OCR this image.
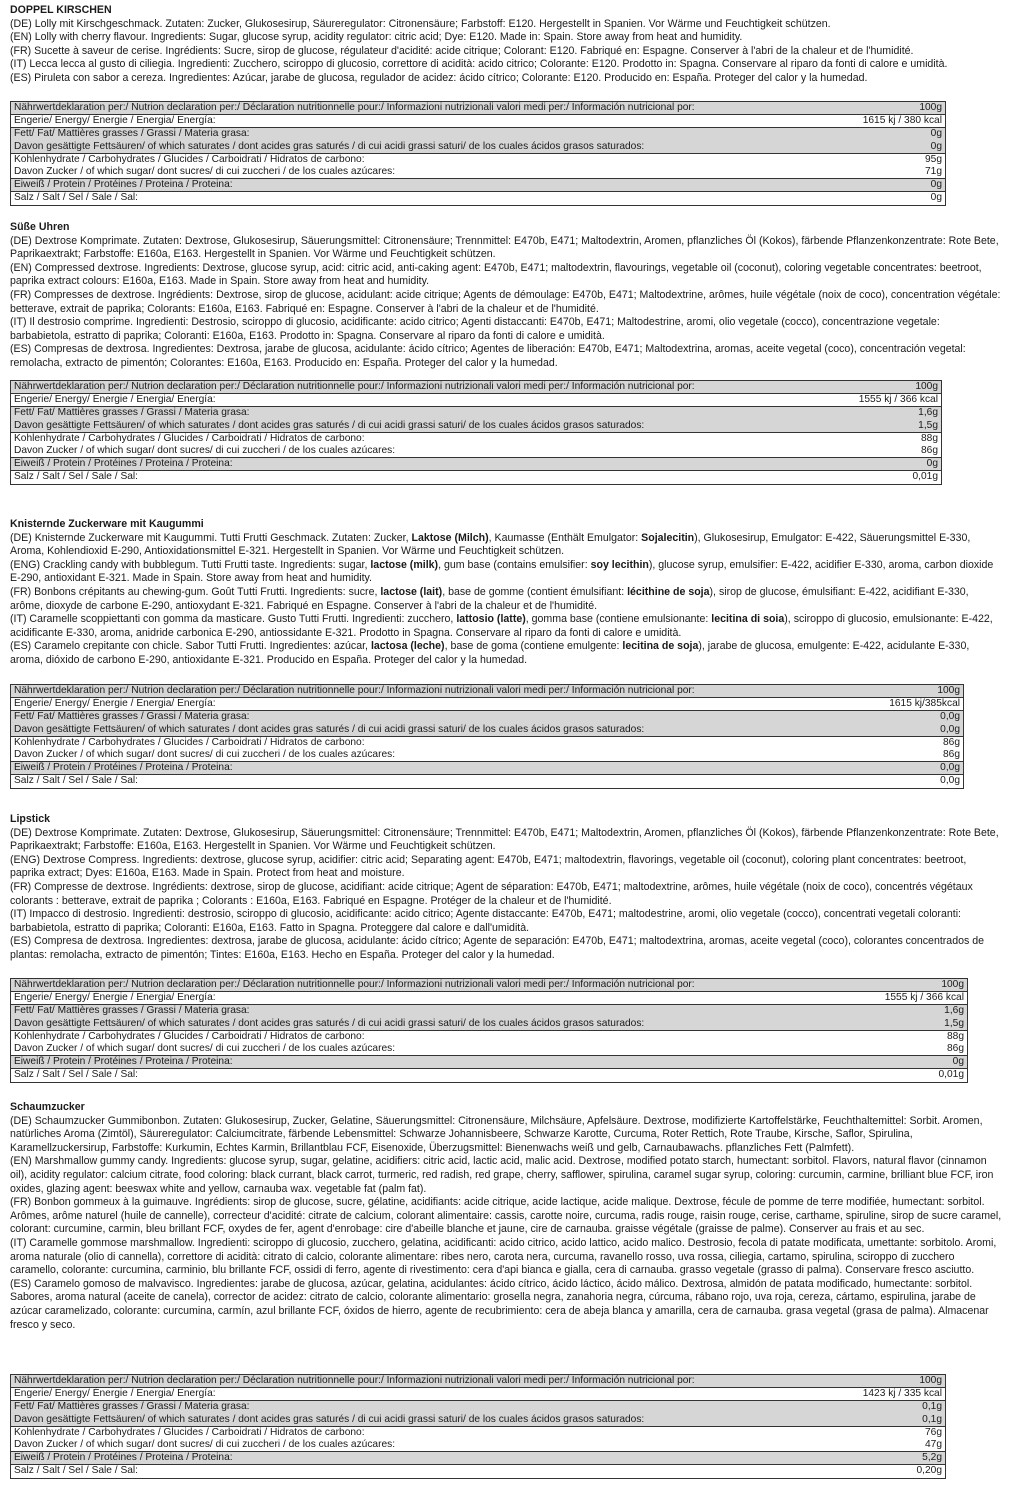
DOPPEL KIRSCHEN

(DE) Lolly mit Kirschgeschmack. Zutaten: Zucker, Glukosesirup, Säureregulator: Citronensäure; Farbstoff: E120. Hergestellt in Spanien. Vor Wärme und Feuchtigkeit schützen.

(EN) Lolly with cherry flavour. Ingredients: Sugar, glucose syrup, acidity regulator: citric acid; Dye: E120. Made in: Spain. Store away from heat and humidity.

(FR) Sucette à saveur de cerise. Ingrédients: Sucre, sirop de glucose, régulateur d'acidité: acide citrique; Colorant: E120. Fabriqué en: Espagne. Conserver à l'abri de la chaleur et de l'humidité.

(IT) Lecca lecca al gusto di ciliegia. Ingredienti: Zucchero, sciroppo di glucosio, correttore di acidità: acido citrico; Colorante: E120. Prodotto in: Spagna. Conservare al riparo da fonti di calore e umidità.

(ES) Piruleta con sabor a cereza. Ingredientes: Azúcar, jarabe de glucosa, regulador de acidez: ácido cítrico; Colorante: E120. Producido en: España. Proteger del calor y la humedad.

Nährwertdeklaration per:/ Nutrion declaration per:/ Déclaration nutritionnelle pour:/ Informazioni nutrizionali valori medi per:/ Información nutricional por:	100g
Engerie/ Energy/ Énergie / Energia/ Energía:	1615 kj / 380 kcal
Fett/ Fat/ Mattières grasses / Grassi / Materia grasa:	0g
Davon gesättigte Fettsäuren/ of which saturates / dont acides gras saturés / di cui acidi grassi saturi/ de los cuales ácidos grasos saturados:	0g
Kohlenhydrate / Carbohydrates / Glucides / Carboidrati / Hidratos de carbono:	95g
Davon Zucker / of which sugar/ dont sucres/ di cui zuccheri / de los cuales azúcares:	71g
Eiweiß / Protein / Protéines / Proteina / Proteina:	0g
Salz / Salt / Sel / Sale / Sal:	0g

Süße Uhren

(DE) Dextrose Komprimate. Zutaten: Dextrose, Glukosesirup, Säuerungsmittel: Citronensäure; Trennmittel: E470b, E471; Maltodextrin, Aromen, pflanzliches Öl (Kokos), färbende Pflanzenkonzentrate: Rote Bete, Paprikaextrakt; Farbstoffe: E160a, E163. Hergestellt in Spanien. Vor Wärme und Feuchtigkeit schützen.

(EN) Compressed dextrose. Ingredients: Dextrose, glucose syrup, acid: citric acid, anti-caking agent: E470b, E471; maltodextrin, flavourings, vegetable oil (coconut), coloring vegetable concentrates: beetroot, paprika extract colours: E160a, E163. Made in Spain. Store away from heat and humidity.

(FR) Compresses de dextrose. Ingrédients: Dextrose, sirop de glucose, acidulant: acide citrique; Agents de démoulage: E470b, E471; Maltodextrine, arômes, huile végétale (noix de coco), concentration végétale: betterave, extrait de paprika; Colorants: E160a, E163. Fabriqué en: Espagne. Conserver à l'abri de la chaleur et de l'humidité.

(IT) Il destrosio comprime. Ingredienti: Destrosio, sciroppo di glucosio, acidificante: acido citrico; Agenti distaccanti: E470b, E471; Maltodestrine, aromi, olio vegetale (cocco), concentrazione vegetale: barbabietola, estratto di paprika; Coloranti: E160a, E163. Prodotto in: Spagna. Conservare al riparo da fonti di calore e umidità.

(ES) Compresas de dextrosa. Ingredientes: Dextrosa, jarabe de glucosa, acidulante: ácido cítrico; Agentes de liberación: E470b, E471; Maltodextrina, aromas, aceite vegetal (coco), concentración vegetal: remolacha, extracto de pimentón; Colorantes: E160a, E163. Producido en: España. Proteger del calor y la humedad.

Nährwertdeklaration per:/ Nutrion declaration per:/ Déclaration nutritionnelle pour:/ Informazioni nutrizionali valori medi per:/ Información nutricional por:	100g
Engerie/ Energy/ Énergie / Energia/ Energía:	1555 kj / 366 kcal
Fett/ Fat/ Mattières grasses / Grassi / Materia grasa:	1,6g
Davon gesättigte Fettsäuren/ of which saturates / dont acides gras saturés / di cui acidi grassi saturi/ de los cuales ácidos grasos saturados:	1,5g
Kohlenhydrate / Carbohydrates / Glucides / Carboidrati / Hidratos de carbono:	88g
Davon Zucker / of which sugar/ dont sucres/ di cui zuccheri / de los cuales azúcares:	86g
Eiweiß / Protein / Protéines / Proteina / Proteina:	0g
Salz / Salt / Sel / Sale / Sal:	0,01g

Knisternde Zuckerware mit Kaugummi

(DE) Knisternde Zuckerware mit Kaugummi. Tutti Frutti Geschmack. Zutaten: Zucker, Laktose (Milch), Kaumasse (Enthält Emulgator: Sojalecitin), Glukosesirup, Emulgator: E-422, Säuerungsmittel E-330, Aroma, Kohlendioxid E-290, Antioxidationsmittel E-321. Hergestellt in Spanien. Vor Wärme und Feuchtigkeit schützen.

(ENG) Crackling candy with bubblegum. Tutti Frutti taste. Ingredients: sugar, lactose (milk), gum base (contains emulsifier: soy lecithin), glucose syrup, emulsifier: E-422, acidifier E-330, aroma, carbon dioxide E-290, antioxidant E-321. Made in Spain. Store away from heat and humidity.

(FR) Bonbons crépitants au chewing-gum. Goût Tutti Frutti. Ingredients: sucre, lactose (lait), base de gomme (contient émulsifiant: lécithine de soja), sirop de glucose, émulsifiant: E-422, acidifiant E-330, arôme, dioxyde de carbone E-290, antioxydant E-321. Fabriqué en Espagne. Conserver à l'abri de la chaleur et de l'humidité.

(IT) Caramelle scoppiettanti con gomma da masticare. Gusto Tutti Frutti. Ingredienti: zucchero, lattosio (latte), gomma base (contiene emulsionante: lecitina di soia), sciroppo di glucosio, emulsionante: E-422, acidificante E-330, aroma, anidride carbonica E-290, antiossidante E-321. Prodotto in Spagna. Conservare al riparo da fonti di calore e umidità.

(ES) Caramelo crepitante con chicle. Sabor Tutti Frutti. Ingredientes: azúcar, lactosa (leche), base de goma (contiene emulgente: lecitina de soja), jarabe de glucosa, emulgente: E-422, acidulante E-330, aroma, dióxido de carbono E-290, antioxidante E-321. Producido en España. Proteger del calor y la humedad.

Nährwertdeklaration per:/ Nutrion declaration per:/ Déclaration nutritionnelle pour:/ Informazioni nutrizionali valori medi per:/ Información nutricional por:	100g
Engerie/ Energy/ Énergie / Energia/ Energía:	1615 kj/385kcal
Fett/ Fat/ Mattières grasses / Grassi / Materia grasa:	0,0g
Davon gesättigte Fettsäuren/ of which saturates / dont acides gras saturés / di cui acidi grassi saturi/ de los cuales ácidos grasos saturados:	0,0g
Kohlenhydrate / Carbohydrates / Glucides / Carboidrati / Hidratos de carbono:	86g
Davon Zucker / of which sugar/ dont sucres/ di cui zuccheri / de los cuales azúcares:	86g
Eiweiß / Protein / Protéines / Proteina / Proteina:	0,0g
Salz / Salt / Sel / Sale / Sal:	0,0g

Lipstick

(DE) Dextrose Komprimate. Zutaten: Dextrose, Glukosesirup, Säuerungsmittel: Citronensäure; Trennmittel: E470b, E471; Maltodextrin, Aromen, pflanzliches Öl (Kokos), färbende Pflanzenkonzentrate: Rote Bete, Paprikaextrakt; Farbstoffe: E160a, E163. Hergestellt in Spanien. Vor Wärme und Feuchtigkeit schützen.

(ENG) Dextrose Compress. Ingredients: dextrose, glucose syrup, acidifier: citric acid; Separating agent: E470b, E471; maltodextrin, flavorings, vegetable oil (coconut), coloring plant concentrates: beetroot, paprika extract; Dyes: E160a, E163. Made in Spain. Protect from heat and moisture.

(FR) Compresse de dextrose. Ingrédients: dextrose, sirop de glucose, acidifiant: acide citrique; Agent de séparation: E470b, E471; maltodextrine, arômes, huile végétale (noix de coco), concentrés végétaux colorants : betterave, extrait de paprika ; Colorants : E160a, E163. Fabriqué en Espagne. Protéger de la chaleur et de l'humidité.

(IT) Impacco di destrosio. Ingredienti: destrosio, sciroppo di glucosio, acidificante: acido citrico; Agente distaccante: E470b, E471; maltodestrine, aromi, olio vegetale (cocco), concentrati vegetali coloranti: barbabietola, estratto di paprika; Coloranti: E160a, E163. Fatto in Spagna. Proteggere dal calore e dall'umidità.

(ES) Compresa de dextrosa. Ingredientes: dextrosa, jarabe de glucosa, acidulante: ácido cítrico; Agente de separación: E470b, E471; maltodextrina, aromas, aceite vegetal (coco), colorantes concentrados de plantas: remolacha, extracto de pimentón; Tintes: E160a, E163. Hecho en España. Proteger del calor y la humedad.

Nährwertdeklaration per:/ Nutrion declaration per:/ Déclaration nutritionnelle pour:/ Informazioni nutrizionali valori medi per:/ Información nutricional por:	100g
Engerie/ Energy/ Énergie / Energia/ Energía:	1555 kj / 366 kcal
Fett/ Fat/ Mattières grasses / Grassi / Materia grasa:	1,6g
Davon gesättigte Fettsäuren/ of which saturates / dont acides gras saturés / di cui acidi grassi saturi/ de los cuales ácidos grasos saturados:	1,5g
Kohlenhydrate / Carbohydrates / Glucides / Carboidrati / Hidratos de carbono:	88g
Davon Zucker / of which sugar/ dont sucres/ di cui zuccheri / de los cuales azúcares:	86g
Eiweiß / Protein / Protéines / Proteina / Proteina:	0g
Salz / Salt / Sel / Sale / Sal:	0,01g

Schaumzucker

(DE) Schaumzucker Gummibonbon. Zutaten: Glukosesirup, Zucker, Gelatine, Säuerungsmittel: Citronensäure, Milchsäure, Apfelsäure. Dextrose, modifizierte Kartoffelstärke, Feuchthaltemittel: Sorbit. Aromen, natürliches Aroma (Zimtöl), Säureregulator: Calciumcitrate, färbende Lebensmittel: Schwarze Johannisbeere, Schwarze Karotte, Curcuma, Roter Rettich, Rote Traube, Kirsche, Saflor, Spirulina, Karamellzuckersirup, Farbstoffe: Kurkumin, Echtes Karmin, Brillantblau FCF, Eisenoxide, Überzugsmittel: Bienenwachs weiß und gelb, Carnaubawachs. pflanzliches Fett (Palmfett).

(EN) Marshmallow gummy candy. Ingredients: glucose syrup, sugar, gelatine, acidifiers: citric acid, lactic acid, malic acid. Dextrose, modified potato starch, humectant: sorbitol. Flavors, natural flavor (cinnamon oil), acidity regulator: calcium citrate, food coloring: black currant, black carrot, turmeric, red radish, red grape, cherry, safflower, spirulina, caramel sugar syrup, coloring: curcumin, carmine, brilliant blue FCF, iron oxides, glazing agent: beeswax white and yellow, carnauba wax. vegetable fat (palm fat).

(FR) Bonbon gommeux à la guimauve. Ingrédients: sirop de glucose, sucre, gélatine, acidifiants: acide citrique, acide lactique, acide malique. Dextrose, fécule de pomme de terre modifiée, humectant: sorbitol. Arômes, arôme naturel (huile de cannelle), correcteur d'acidité: citrate de calcium, colorant alimentaire: cassis, carotte noire, curcuma, radis rouge, raisin rouge, cerise, carthame, spiruline, sirop de sucre caramel, colorant: curcumine, carmin, bleu brillant FCF, oxydes de fer, agent d'enrobage: cire d'abeille blanche et jaune, cire de carnauba. graisse végétale (graisse de palme). Conserver au frais et au sec.

(IT) Caramelle gommose marshmallow. Ingredienti: sciroppo di glucosio, zucchero, gelatina, acidificanti: acido citrico, acido lattico, acido malico. Destrosio, fecola di patate modificata, umettante: sorbitolo. Aromi, aroma naturale (olio di cannella), correttore di acidità: citrato di calcio, colorante alimentare: ribes nero, carota nera, curcuma, ravanello rosso, uva rossa, ciliegia, cartamo, spirulina, sciroppo di zucchero caramello, colorante: curcumina, carminio, blu brillante FCF, ossidi di ferro, agente di rivestimento: cera d'api bianca e gialla, cera di carnauba. grasso vegetale (grasso di palma). Conservare fresco asciutto.

(ES) Caramelo gomoso de malvavisco. Ingredientes: jarabe de glucosa, azúcar, gelatina, acidulantes: ácido cítrico, ácido láctico, ácido málico. Dextrosa, almidón de patata modificado, humectante: sorbitol. Sabores, aroma natural (aceite de canela), corrector de acidez: citrato de calcio, colorante alimentario: grosella negra, zanahoria negra, cúrcuma, rábano rojo, uva roja, cereza, cártamo, espirulina, jarabe de azúcar caramelizado, colorante: curcumina, carmín, azul brillante FCF, óxidos de hierro, agente de recubrimiento: cera de abeja blanca y amarilla, cera de carnauba. grasa vegetal (grasa de palma). Almacenar fresco y seco.

Nährwertdeklaration per:/ Nutrion declaration per:/ Déclaration nutritionnelle pour:/ Informazioni nutrizionali valori medi per:/ Información nutricional por:	100g
Engerie/ Energy/ Énergie / Energia/ Energía:	1423 kj / 335 kcal
Fett/ Fat/ Mattières grasses / Grassi / Materia grasa:	0,1g
Davon gesättigte Fettsäuren/ of which saturates / dont acides gras saturés / di cui acidi grassi saturi/ de los cuales ácidos grasos saturados:	0,1g
Kohlenhydrate / Carbohydrates / Glucides / Carboidrati / Hidratos de carbono:	76g
Davon Zucker / of which sugar/ dont sucres/ di cui zuccheri / de los cuales azúcares:	47g
Eiweiß / Protein / Protéines / Proteina / Proteina:	5,2g
Salz / Salt / Sel / Sale / Sal:	0,20g
